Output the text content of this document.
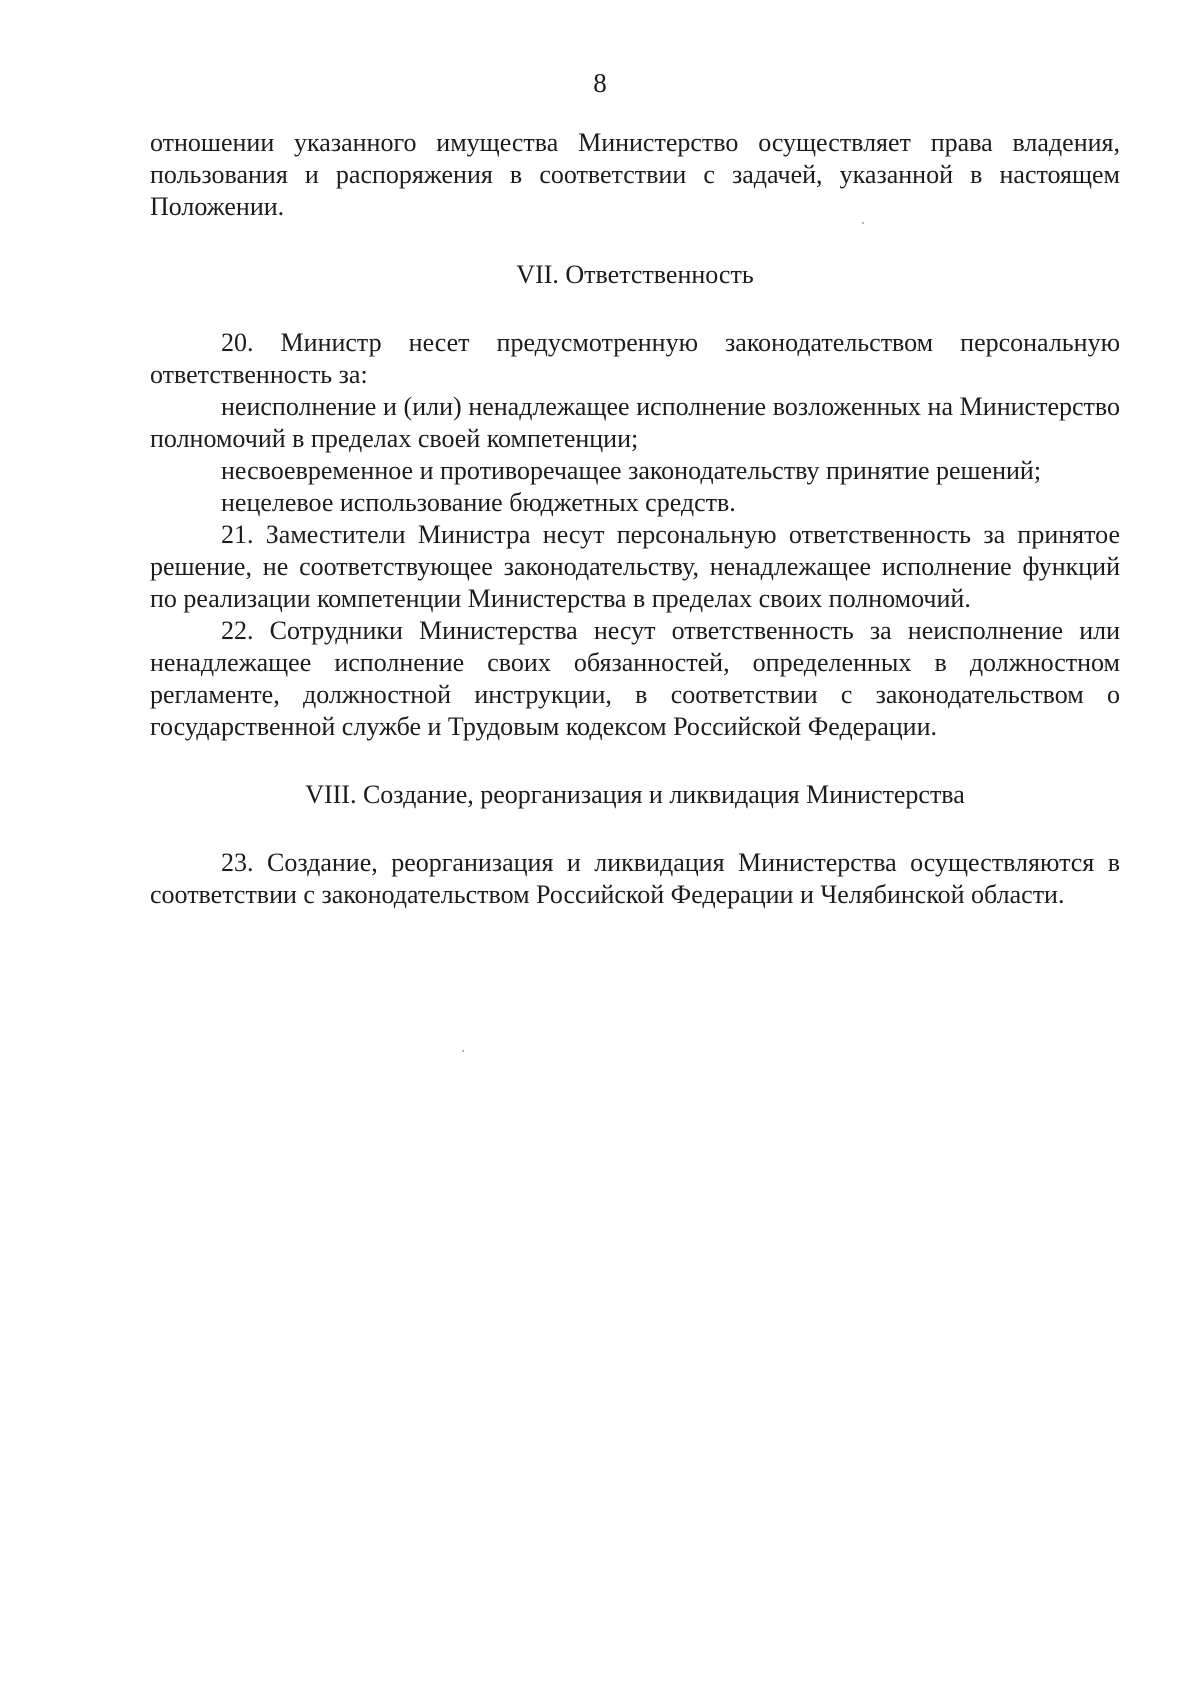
8

отношении указанного имущества Министерство осуществляет права владения, пользования и распоряжения в соответствии с задачей, указанной в настоящем Положении.

VII. Ответственность

20. Министр несет предусмотренную законодательством персональную ответственность за:

неисполнение и (или) ненадлежащее исполнение возложенных на Министерство полномочий в пределах своей компетенции;

несвоевременное и противоречащее законодательству принятие решений;

нецелевое использование бюджетных средств.

21. Заместители Министра несут персональную ответственность за принятое решение, не соответствующее законодательству, ненадлежащее исполнение функций по реализации компетенции Министерства в пределах своих полномочий.

22. Сотрудники Министерства несут ответственность за неисполнение или ненадлежащее исполнение своих обязанностей, определенных в должностном регламенте, должностной инструкции, в соответствии с законодательством о государственной службе и Трудовым кодексом Российской Федерации.

VIII. Создание, реорганизация и ликвидация Министерства

23. Создание, реорганизация и ликвидация Министерства осуществляются в соответствии с законодательством Российской Федерации и Челябинской области.
